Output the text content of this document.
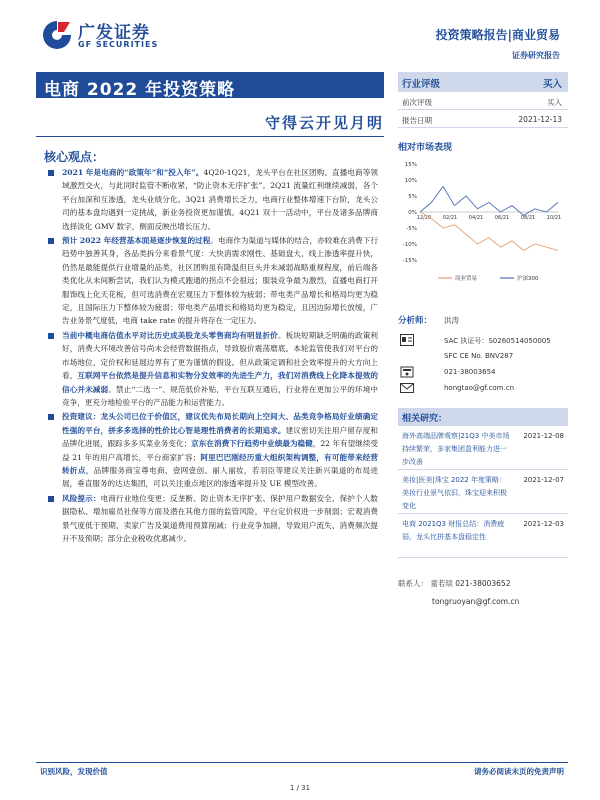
广发证券
GF SECURITIES
投资策略报告|商业贸易
证券研究报告
电商 2022 年投资策略
守得云开见月明
核心观点：
2021 年是电商的“政策年”和“投入年”。4Q20-1Q21，龙头平台在社区团购、直播电商等领域激烈交火，与此同时监管不断收紧，“防止资本无序扩张”。2Q21 流量红利继续减弱，各个平台加深和互渗透，龙头业绩分化。3Q21 消费增长乏力，电商行业整体增速下台阶，龙头公司的基本盘均遇到一定挑战，新业务投资更加谨慎。4Q21 双十一活动中，平台及诸多品牌商选择淡化 GMV 数字，侧面反映出增长压力。
预计 2022 年经营基本面是逐步恢复的过程。电商作为渠道与媒体的结合，亦较难在消费下行趋势中独善其身，各品类拆分来看景气度：大快消需求刚性、基础盘大、线上渗透率提升快，仍然是最能提供行业增量的品类，社区团购虽有降温但巨头并未减弱战略重视程度，前后端各类优化从未间断尝试，我们认为模式跑通的拐点不会很远；服装竞争最为激烈，直播电商打开服饰线上化天花板，但可选消费在宏观压力下整体较为疲弱；带电类产品增长和格局均更为稳定，且国际压力下整体较为疲弱；带电类产品增长和格局均更为稳定，且因边际增长放缓，广告业务景气度低，电商 take rate 的提升将存在一定压力。
当前中概电商估值水平对比历史成美股龙头零售商均有明显折价。板块短期缺乏明确的政策利好，消费大环境改善信号尚未会经营数据指点，导致股价震荡磨底。本轮监管使我们对平台的市场地位、定价权和延展边界有了更为谨慎的假设。但从政策定调和社会效率提升的大方向上看，互联网平台依然是提升信息和实物分发效率的先进生产力，我们对消费线上化降本提效的信心并未减弱。禁止“二选一”、规范低价补贴，平台互联互通后，行业将在更加公平的环境中竞争，更充分地检验平台的产品能力和运营能力。
投资建议：龙头公司已位于价值区，建议优先布局长期向上空间大、品类竞争格局好业绩确定性强的平台，拼多多选择的性价比心智是理性消费者的长期追求。建议密切关注用户留存度和品牌化进展，跟踪多多买菜业务变化；京东在消费下行趋势中业绩最为稳健，22 年有望继续受益 21 年的用户高增长，平台商家扩容；阿里巴巴刚经历重大组织架构调整，有可能带来经营转折点，品牌服务商宝尊电商、壹网壹创、丽人丽妆，若羽臣等建议关注新兴渠道的布局进展，垂直服务的达达集团，可以关注重点地区的渗透率提升及 UE 模型改善。
风险提示：电商行业地位变更；反垄断、防止资本无序扩张、保护用户数据安全、保护个人数据隐私、增加雇员社保等方面及潜在其他方面的监管风险，平台定价权进一步削弱；宏观消费景气度低于预期，卖家广告及渠道费用预算削减；行业竞争加剧，导致用户流失、消费频次提升不及预期；部分企业税收优惠减少。
行业评级	买入
前次评级	买入
报告日期	2021-12-13
相对市场表现
15%
10%
5%
0%
-5%
-10%
-15%
12/20 02/21 04/21 06/21 08/21 10/21
商业贸易	沪深300
分析师： 洪涛
SAC 执证号：S0260514050005
SFC CE No. BNV287
021-38003654
hongtao@gf.com.cn
相关研究：
海外高端品牌观察|21Q3 中美市场持续繁荣，多家集团盈利能力进一步改善
2021-12-08
美妆|医美|珠宝 2022 年度策略：美妆行业景气依旧，珠宝迎来积极变化
2021-12-07
电商 2021Q3 财报总结：消费疲弱，龙头比拼基本盘稳定性
2021-12-03
联系人： 童若琰 021-38003652
tongruoyan@gf.com.cn
识别风险，发现价值	请务必阅读末页的免责声明
1 / 31
